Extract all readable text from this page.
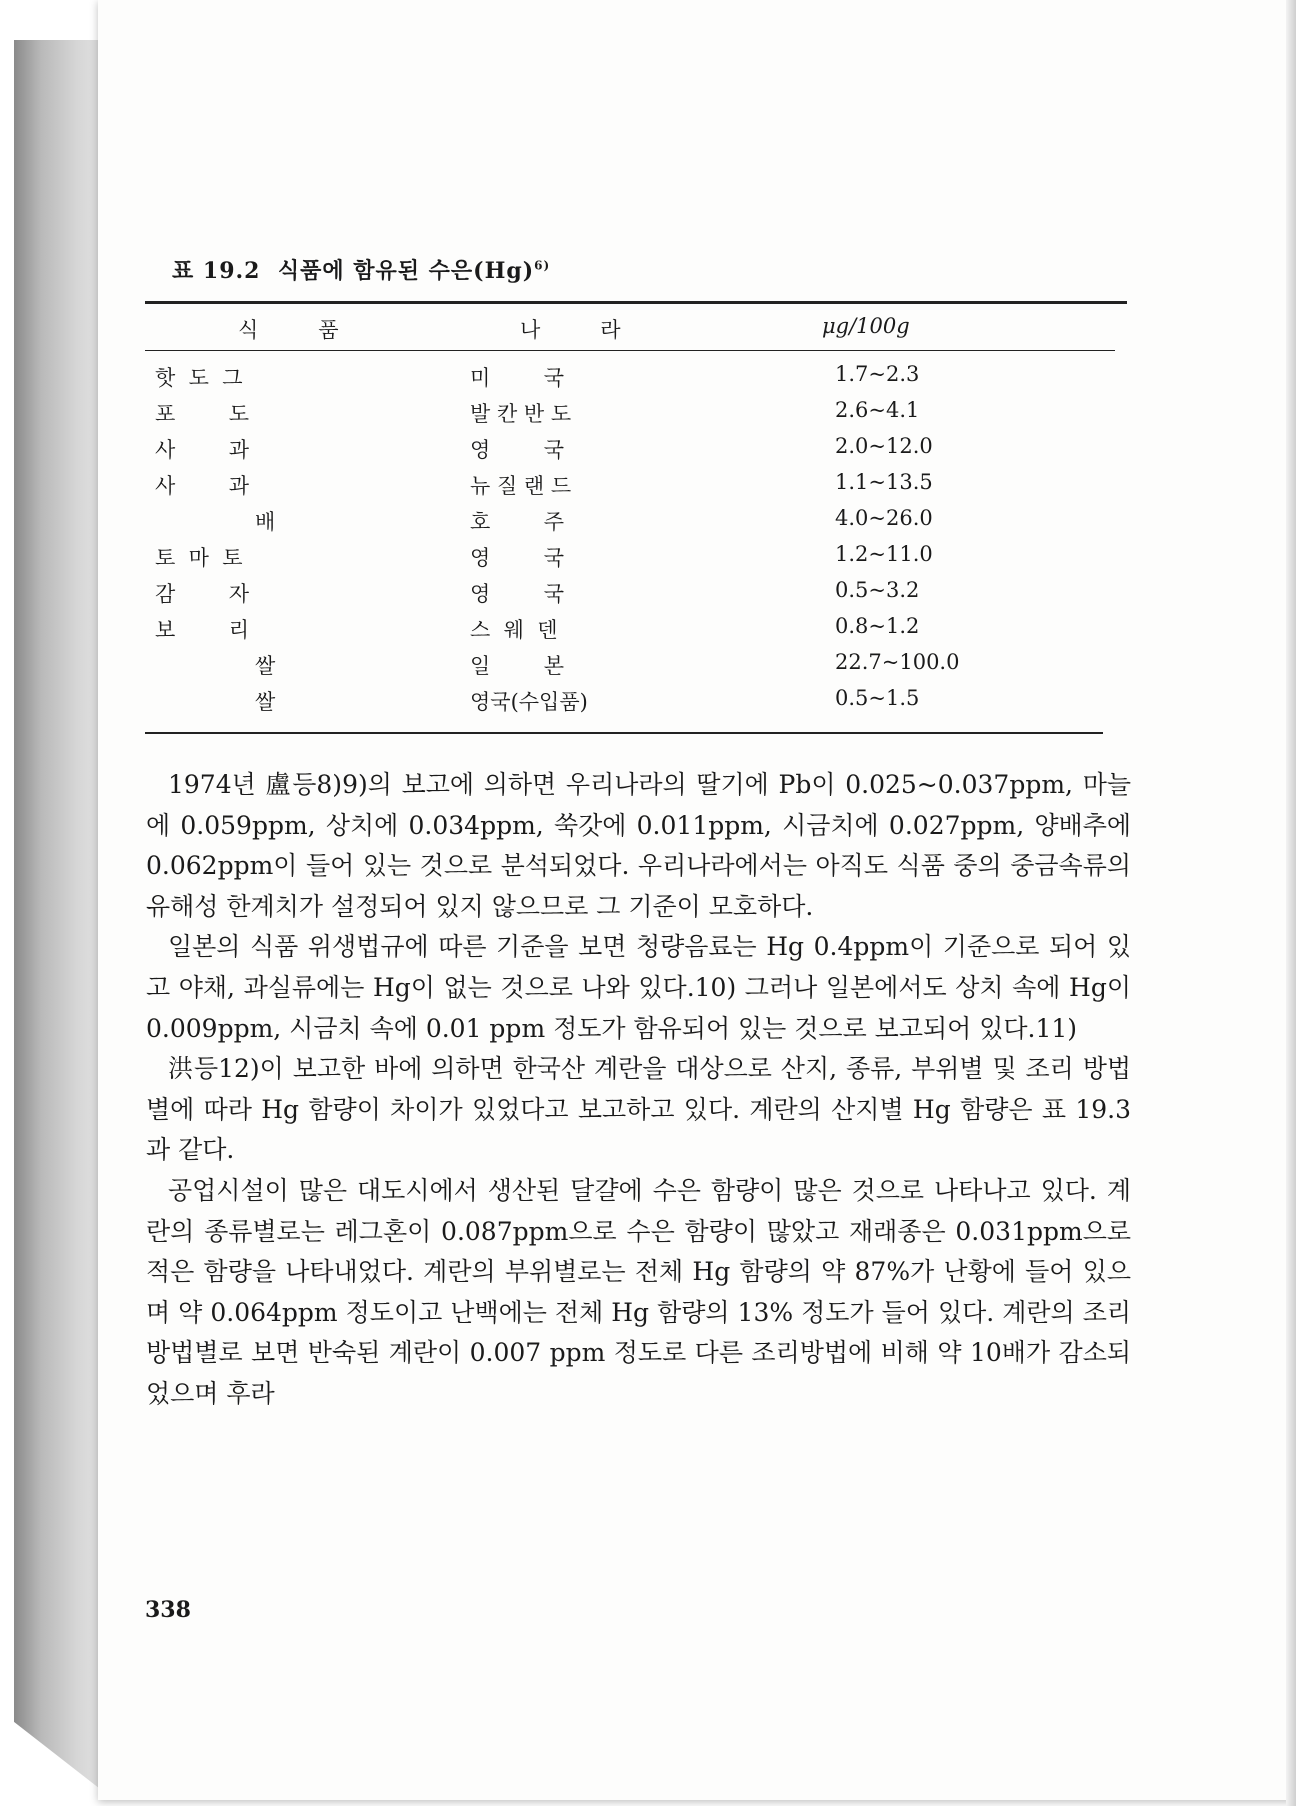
표 19.2 식품에 함유된 수은$(Hg)^{6)}$
식품	나라	μg/100g
핫  도  그	미        국	1.7~2.3
포        도	발 칸 반 도	2.6~4.1
사        과	영        국	2.0~12.0
사        과	뉴 질 랜 드	1.1~13.5
배	호        주	4.0~26.0
토  마  토	영        국	1.2~11.0
감        자	영        국	0.5~3.2
보        리	스  웨  덴	0.8~1.2
쌀	일        본	22.7~100.0
쌀	영국(수입품)	0.5~1.5

1974년 盧등8)9)의 보고에 의하면 우리나라의 딸기에 Pb이 0.025~0.037ppm, 마늘에 0.059ppm, 상치에 0.034ppm, 쑥갓에 0.011ppm, 시금치에 0.027ppm, 양배추에 0.062ppm이 들어 있는 것으로 분석되었다. 우리나라에서는 아직도 식품 중의 중금속류의 유해성 한계치가 설정되어 있지 않으므로 그 기준이 모호하다.

일본의 식품 위생법규에 따른 기준을 보면 청량음료는 Hg 0.4ppm이 기준으로 되어 있고 야채, 과실류에는 Hg이 없는 것으로 나와 있다.10) 그러나 일본에서도 상치 속에 Hg이 0.009ppm, 시금치 속에 0.01 ppm 정도가 함유되어 있는 것으로 보고되어 있다.11)

洪등12)이 보고한 바에 의하면 한국산 계란을 대상으로 산지, 종류, 부위별 및 조리 방법별에 따라 Hg 함량이 차이가 있었다고 보고하고 있다. 계란의 산지별 Hg 함량은 표 19.3과 같다.

공업시설이 많은 대도시에서 생산된 달걀에 수은 함량이 많은 것으로 나타나고 있다. 계란의 종류별로는 레그혼이 0.087ppm으로 수은 함량이 많았고 재래종은 0.031ppm으로 적은 함량을 나타내었다. 계란의 부위별로는 전체 Hg 함량의 약 87%가 난황에 들어 있으며 약 0.064ppm 정도이고 난백에는 전체 Hg 함량의 13% 정도가 들어 있다. 계란의 조리 방법별로 보면 반숙된 계란이 0.007 ppm 정도로 다른 조리방법에 비해 약 10배가 감소되었으며 후라

338
